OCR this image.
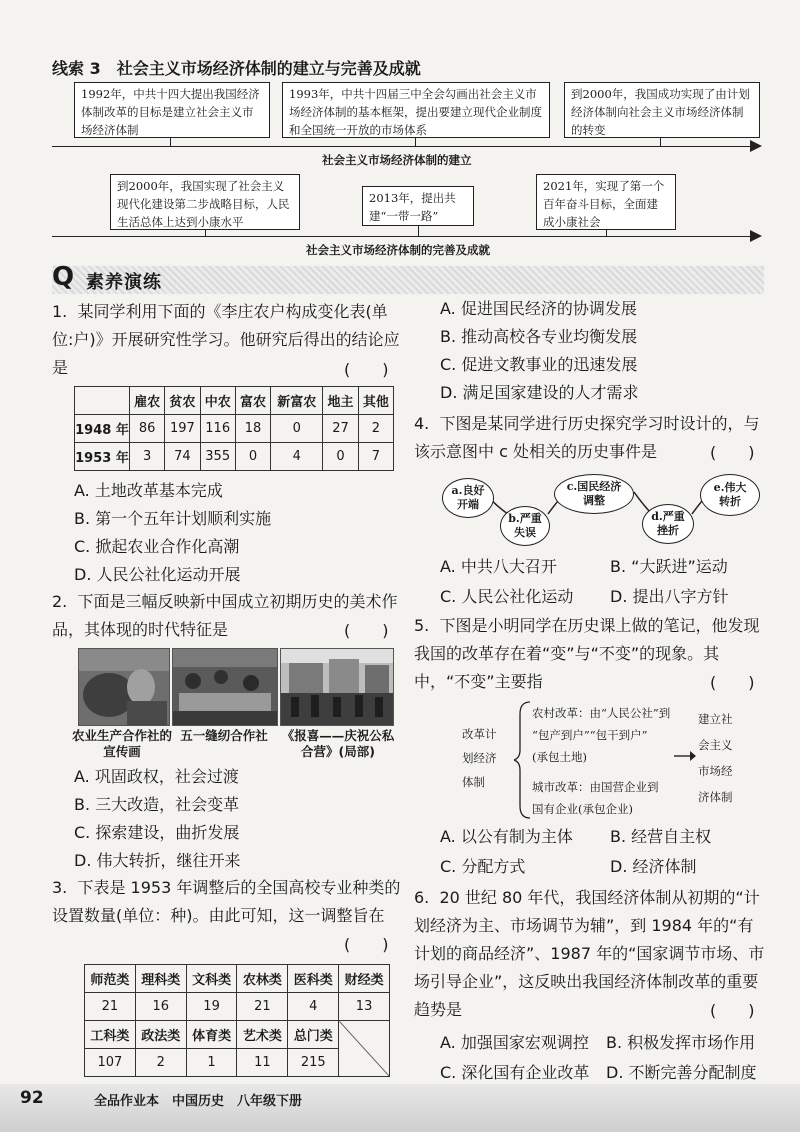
线索 3　社会主义市场经济体制的建立与完善及成就
1992年，中共十四大提出我国经济体制改革的目标是建立社会主义市场经济体制
1993年，中共十四届三中全会勾画出社会主义市场经济体制的基本框架，提出要建立现代企业制度和全国统一开放的市场体系
到2000年，我国成功实现了由计划经济体制向社会主义市场经济体制的转变
社会主义市场经济体制的建立
到2000年，我国实现了社会主义现代化建设第二步战略目标，人民生活总体上达到小康水平
2013年，提出共建“一带一路”
2021年，实现了第一个百年奋斗目标，全面建成小康社会
社会主义市场经济体制的完善及成就
Q 素养演练
1. 某同学利用下面的《李庄农户构成变化表(单位:户)》开展研究性学习。他研究后得出的结论应是	(　　)
	雇农	贫农	中农	富农	新富农	地主	其他
1948 年	86	197	116	18	0	27	2
1953 年	3	74	355	0	4	0	7
A. 土地改革基本完成
B. 第一个五年计划顺利实施
C. 掀起农业合作化高潮
D. 人民公社化运动开展
2. 下面是三幅反映新中国成立初期历史的美术作品，其体现的时代特征是	(　　)
农业生产合作社的宣传画
五一缝纫合作社	《报喜——庆祝公私合营》(局部)
A. 巩固政权，社会过渡
B. 三大改造，社会变革
C. 探索建设，曲折发展
D. 伟大转折，继往开来
3. 下表是 1953 年调整后的全国高校专业种类的设置数量(单位：种)。由此可知，这一调整旨在
(　　)
师范类	理科类	文科类	农林类	医科类	财经类
21	16	19	21	4	13
工科类	政法类	体育类	艺术类	总门类	
107	2	1	11	215	
A. 促进国民经济的协调发展
B. 推动高校各专业均衡发展
C. 促进文教事业的迅速发展
D. 满足国家建设的人才需求
4. 下图是某同学进行历史探究学习时设计的，与该示意图中 c 处相关的历史事件是	(　　)
a.良好开端
b.严重失误
c.国民经济调整
d.严重挫折
e.伟大转折
A. 中共八大召开	B. “大跃进”运动
C. 人民公社化运动 D. 提出八字方针
5. 下图是小明同学在历史课上做的笔记，他发现我国的改革存在着“变”与“不变”的现象。其中，“不变”主要指	(　　)
改革计
划经济
体制
农村改革：由“人民公社”到
“包产到户”“包干到户”
(承包土地)
城市改革：由国营企业到
国有企业(承包企业)
建立社
会主义
市场经
济体制
A. 以公有制为主体 B. 经营自主权
C. 分配方式	D. 经济体制
6. 20 世纪 80 年代，我国经济体制从初期的“计划经济为主、市场调节为辅”，到 1984 年的“有计划的商品经济”、1987 年的“国家调节市场、市场引导企业”，这反映出我国经济体制改革的重要趋势是	(　　)
A. 加强国家宏观调控 B. 积极发挥市场作用
C. 深化国有企业改革 D. 不断完善分配制度
92	全品作业本　中国历史　八年级下册
